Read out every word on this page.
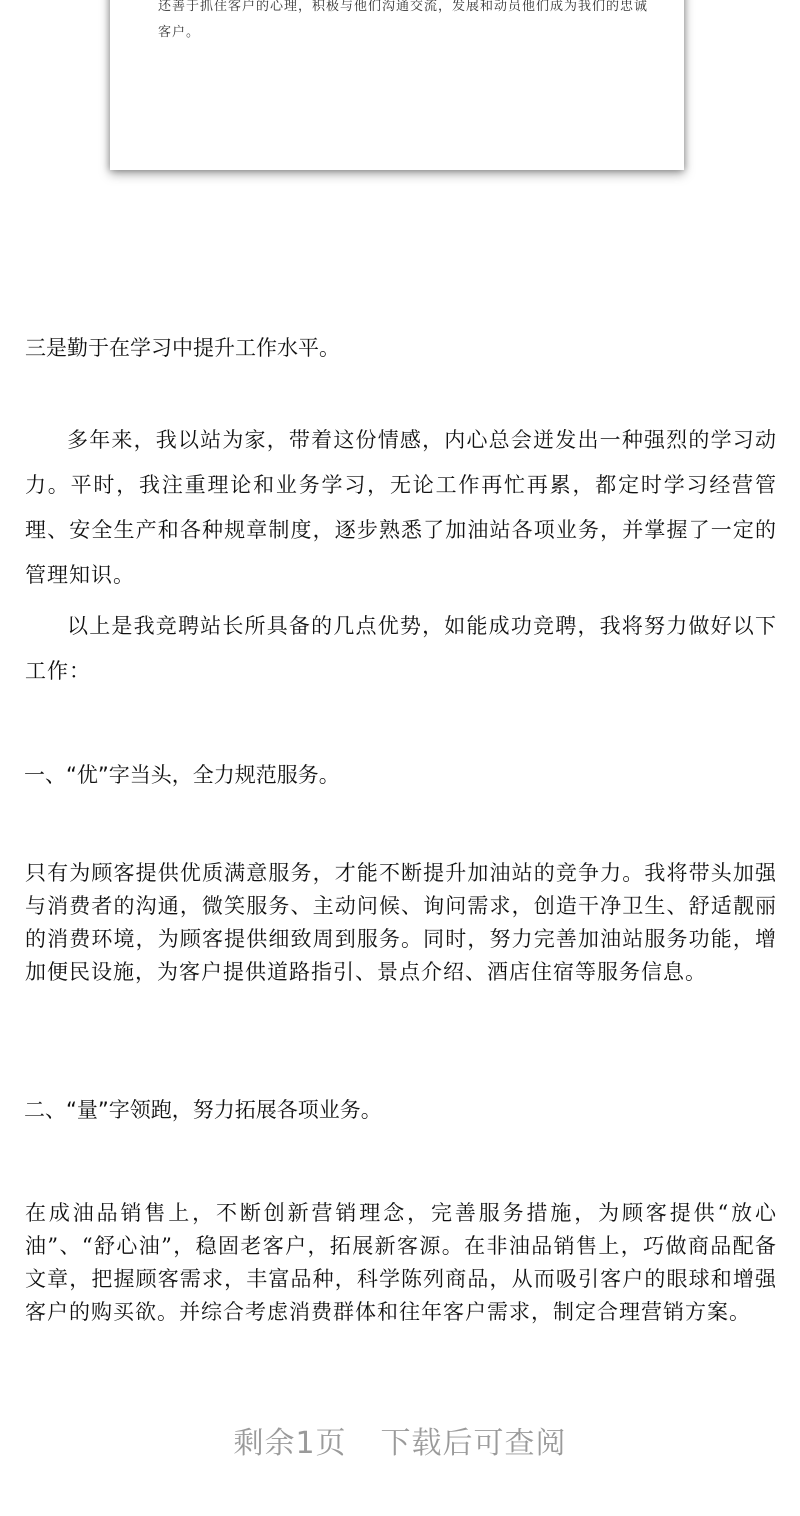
还善于抓住客户的心理，积极与他们沟通交流，发展和动员他们成为我们的忠诚客户。
三是勤于在学习中提升工作水平。
多年来，我以站为家，带着这份情感，内心总会迸发出一种强烈的学习动力。平时，我注重理论和业务学习，无论工作再忙再累，都定时学习经营管理、安全生产和各种规章制度，逐步熟悉了加油站各项业务，并掌握了一定的管理知识。
以上是我竞聘站长所具备的几点优势，如能成功竞聘，我将努力做好以下工作：
一、“优”字当头，全力规范服务。
只有为顾客提供优质满意服务，才能不断提升加油站的竞争力。我将带头加强与消费者的沟通，微笑服务、主动问候、询问需求，创造干净卫生、舒适靓丽的消费环境，为顾客提供细致周到服务。同时，努力完善加油站服务功能，增加便民设施，为客户提供道路指引、景点介绍、酒店住宿等服务信息。
二、“量”字领跑，努力拓展各项业务。
在成油品销售上，不断创新营销理念，完善服务措施，为顾客提供“放心油”、“舒心油”，稳固老客户，拓展新客源。在非油品销售上，巧做商品配备文章，把握顾客需求，丰富品种，科学陈列商品，从而吸引客户的眼球和增强客户的购买欲。并综合考虑消费群体和往年客户需求，制定合理营销方案。
剩余1页 下载后可查阅
